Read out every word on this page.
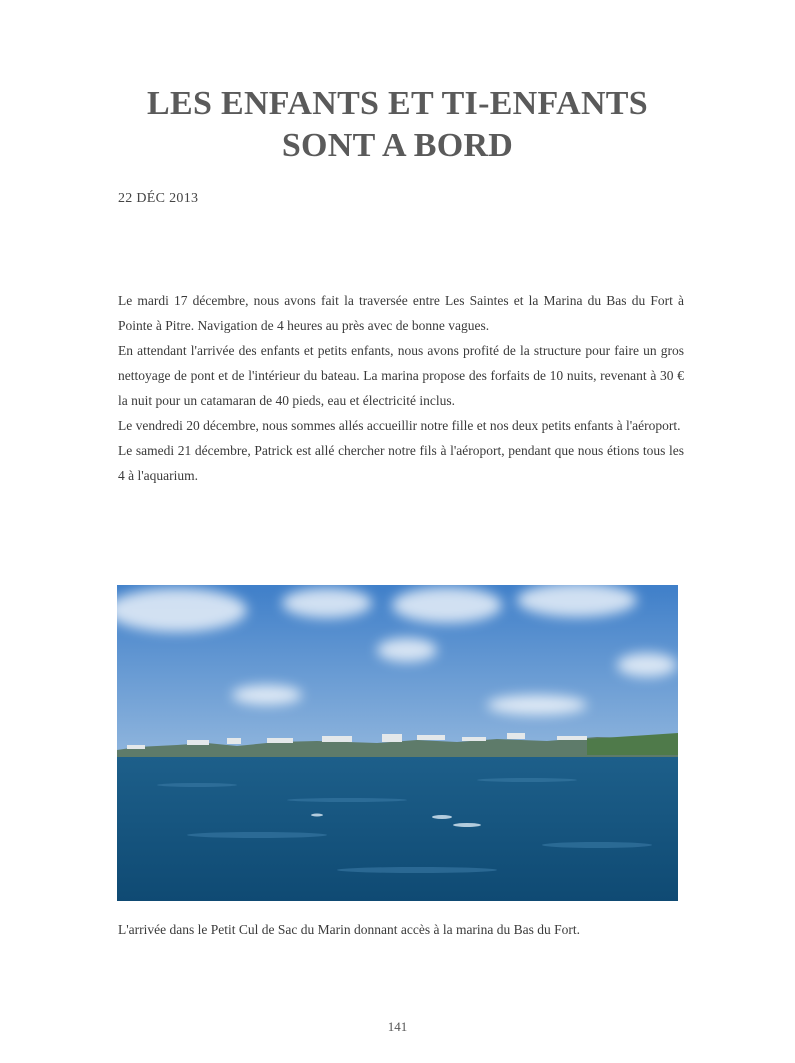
LES ENFANTS ET TI-ENFANTS
SONT A BORD
22 DÉC 2013

Le mardi 17 décembre, nous avons fait la traversée entre Les Saintes et la Marina du Bas du Fort à Pointe à Pitre. Navigation de 4 heures au près avec de bonne vagues.

En attendant l'arrivée des enfants et petits enfants, nous avons profité de la structure pour faire un gros nettoyage de pont et de l'intérieur du bateau. La marina propose des forfaits de 10 nuits, revenant à 30 € la nuit pour un catamaran de 40 pieds, eau et électricité inclus.

Le vendredi 20 décembre, nous sommes allés accueillir notre fille et nos deux petits enfants à l'aéroport.

Le samedi 21 décembre, Patrick est allé chercher notre fils à l'aéroport, pendant que nous étions tous les 4 à l'aquarium.

L'arrivée dans le Petit Cul de Sac du Marin donnant accès à la marina du Bas du Fort.
141
